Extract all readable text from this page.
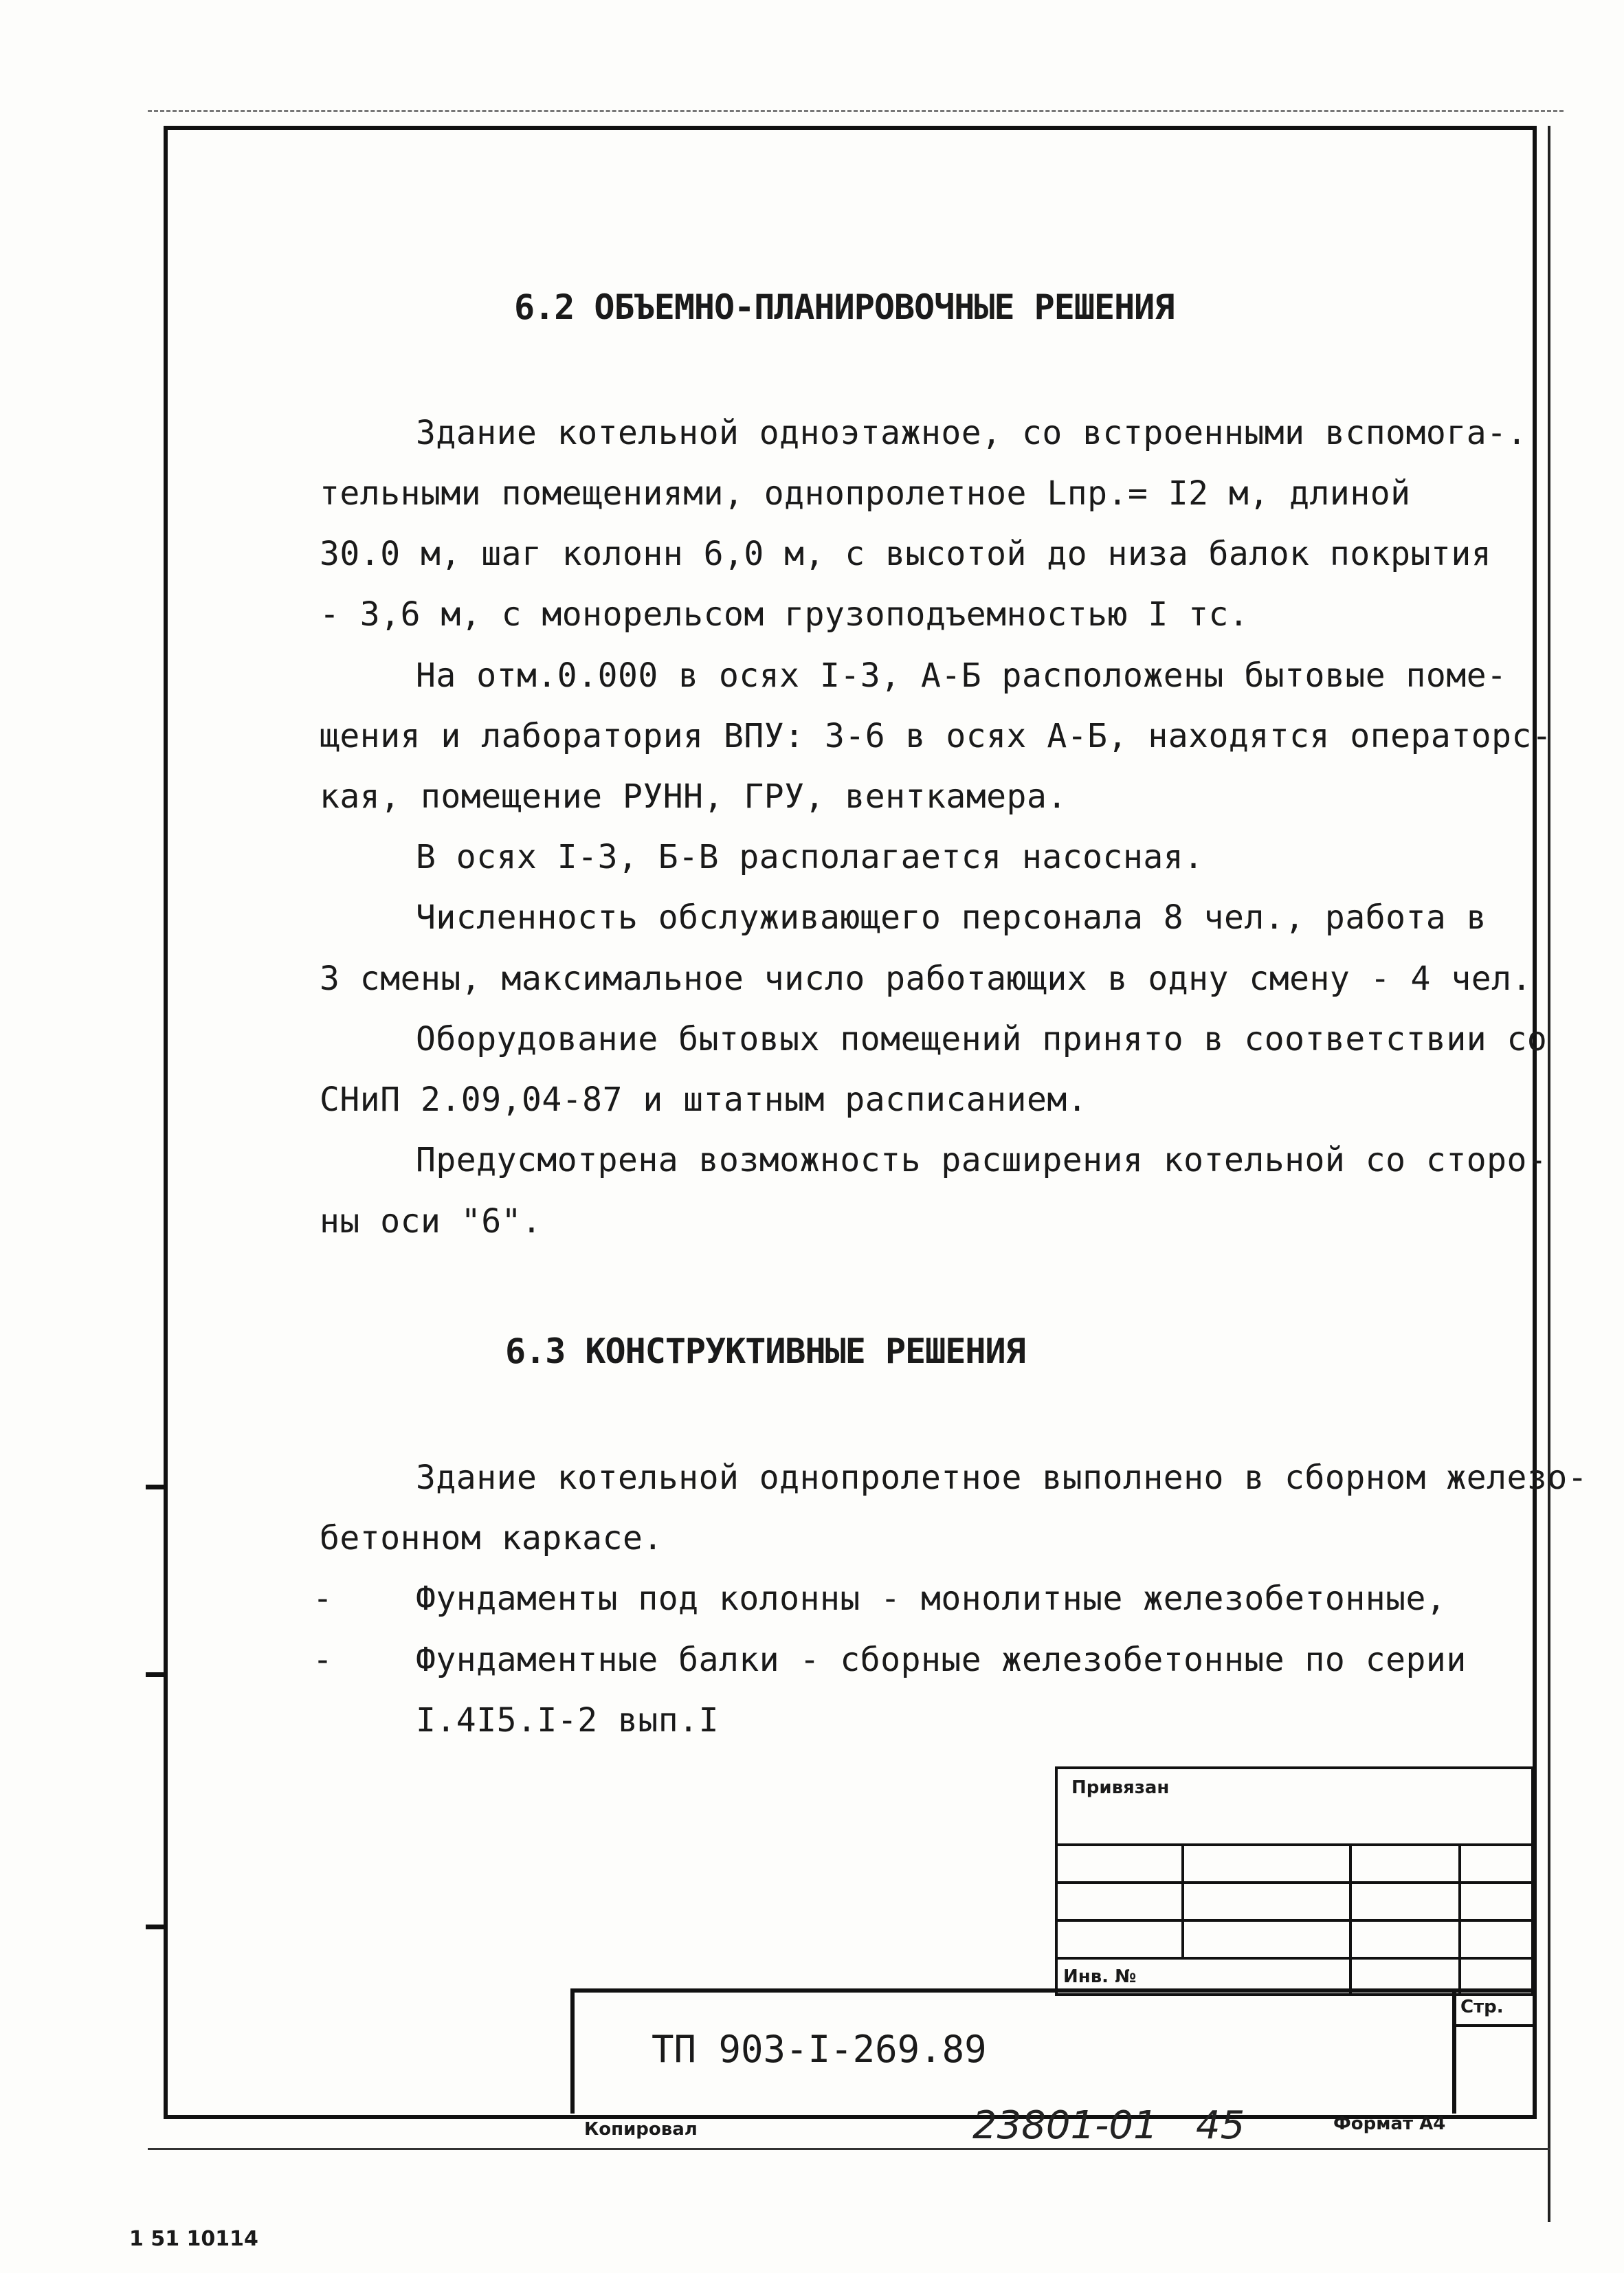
6.2 ОБЪЕМНО-ПЛАНИРОВОЧНЫЕ РЕШЕНИЯ
Здание котельной одноэтажное, со встроенными вспомога-.
тельными помещениями, однопролетное Lпр.= I2 м, длиной
30.0 м, шаг колонн 6,0 м, с высотой до низа балок покрытия
- 3,6 м, с монорельсом грузоподъемностью I тс.
На отм.0.000 в осях I-3, А-Б расположены бытовые поме-
щения и лаборатория ВПУ: 3-6 в осях А-Б, находятся операторс-
кая, помещение РУНН, ГРУ, венткамера.
В осях I-3, Б-В располагается насосная.
Численность обслуживающего персонала 8 чел., работа в
3 смены, максимальное число работающих в одну смену - 4 чел.
Оборудование бытовых помещений принято в соответствии со
СНиП 2.09,04-87 и штатным расписанием.
Предусмотрена возможность расширения котельной со сторо-
ны оси "6".
6.3 КОНСТРУКТИВНЫЕ РЕШЕНИЯ
Здание котельной однопролетное выполнено в сборном железо-
бетонном каркасе.
-	Фундаменты под колонны - монолитные железобетонные,
-	Фундаментные балки - сборные железобетонные по серии
I.4I5.I-2 вып.I
Привязан			

Инв. №			
Стр.
ТП 903-I-269.89
Копировал	23801-01 45	Формат А4
1 51 10114
